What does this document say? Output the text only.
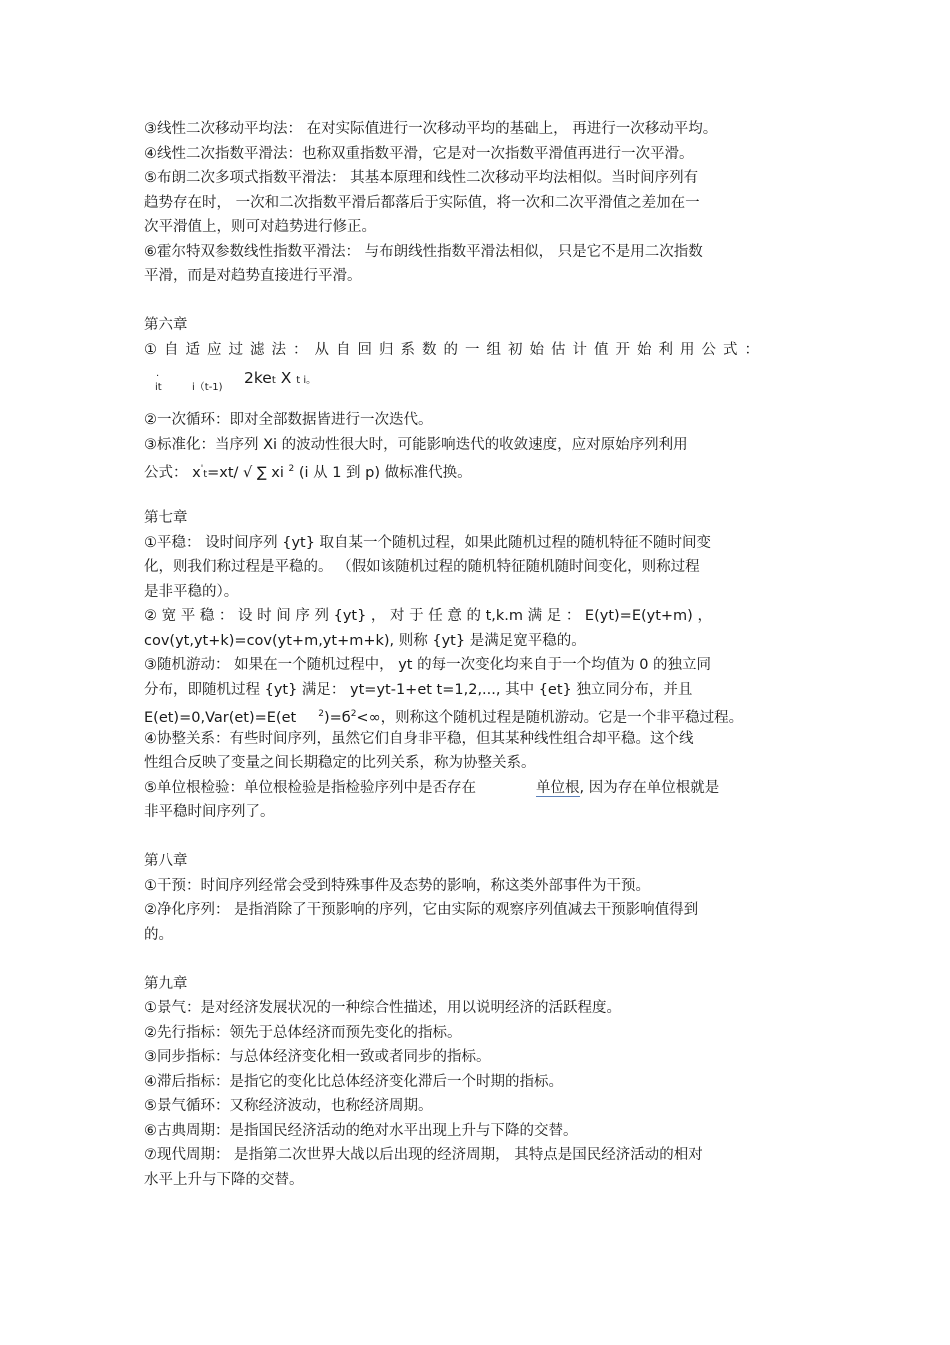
③线性二次移动平均法： 在对实际值进行一次移动平均的基础上， 再进行一次移动平均。
④线性二次指数平滑法：也称双重指数平滑，它是对一次指数平滑值再进行一次平滑。
⑤布朗二次多项式指数平滑法： 其基本原理和线性二次移动平均法相似。当时间序列有
趋势存在时， 一次和二次指数平滑后都落后于实际值，将一次和二次平滑值之差加在一
次平滑值上，则可对趋势进行修正。
⑥霍尔特双参数线性指数平滑法： 与布朗线性指数平滑法相似， 只是它不是用二次指数
平滑，而是对趋势直接进行平滑。
第六章
①自适应过滤法：从自回归系数的一组初始估计值开始利用公式：
.
it	i（t-1)
2ket X t i。
②一次循环：即对全部数据皆进行一次迭代。
③标准化：当序列 Xi 的波动性很大时，可能影响迭代的收敛速度，应对原始序列利用
公式： x't=xt/ √ ∑ xi $^2$ (i 从 1 到 p) 做标准代换。
第七章
①平稳： 设时间序列 {yt} 取自某一个随机过程，如果此随机过程的随机特征不随时间变
化，则我们称过程是平稳的。 （假如该随机过程的随机特征随机随时间变化，则称过程
是非平稳的）。
② 宽 平 稳 ： 设 时 间 序 列 {yt} ， 对 于 任 意 的 t,k.m 满 足 ： E(yt)=E(yt+m) ，
cov(yt,yt+k)=cov(yt+m,yt+m+k), 则称 {yt} 是满足宽平稳的。
③随机游动： 如果在一个随机过程中， yt 的每一次变化均来自于一个均值为 0 的独立同
分布，即随机过程 {yt} 满足： yt=yt-1+et t=1,2,..., 其中 {et} 独立同分布，并且
E(et)=0,Var(et)=E(et $^2)=б^2<\infty$，则称这个随机过程是随机游动。它是一个非平稳过程。
④协整关系：有些时间序列，虽然它们自身非平稳，但其某种线性组合却平稳。这个线
性组合反映了变量之间长期稳定的比列关系，称为协整关系。
⑤单位根检验：单位根检验是指检验序列中是否存在	单位根, 因为存在单位根就是
非平稳时间序列了。
第八章
①干预：时间序列经常会受到特殊事件及态势的影响，称这类外部事件为干预。
②净化序列： 是指消除了干预影响的序列，它由实际的观察序列值减去干预影响值得到
的。
第九章
①景气：是对经济发展状况的一种综合性描述，用以说明经济的活跃程度。
②先行指标：领先于总体经济而预先变化的指标。
③同步指标：与总体经济变化相一致或者同步的指标。
④滞后指标：是指它的变化比总体经济变化滞后一个时期的指标。
⑤景气循环：又称经济波动，也称经济周期。
⑥古典周期：是指国民经济活动的绝对水平出现上升与下降的交替。
⑦现代周期： 是指第二次世界大战以后出现的经济周期， 其特点是国民经济活动的相对
水平上升与下降的交替。
